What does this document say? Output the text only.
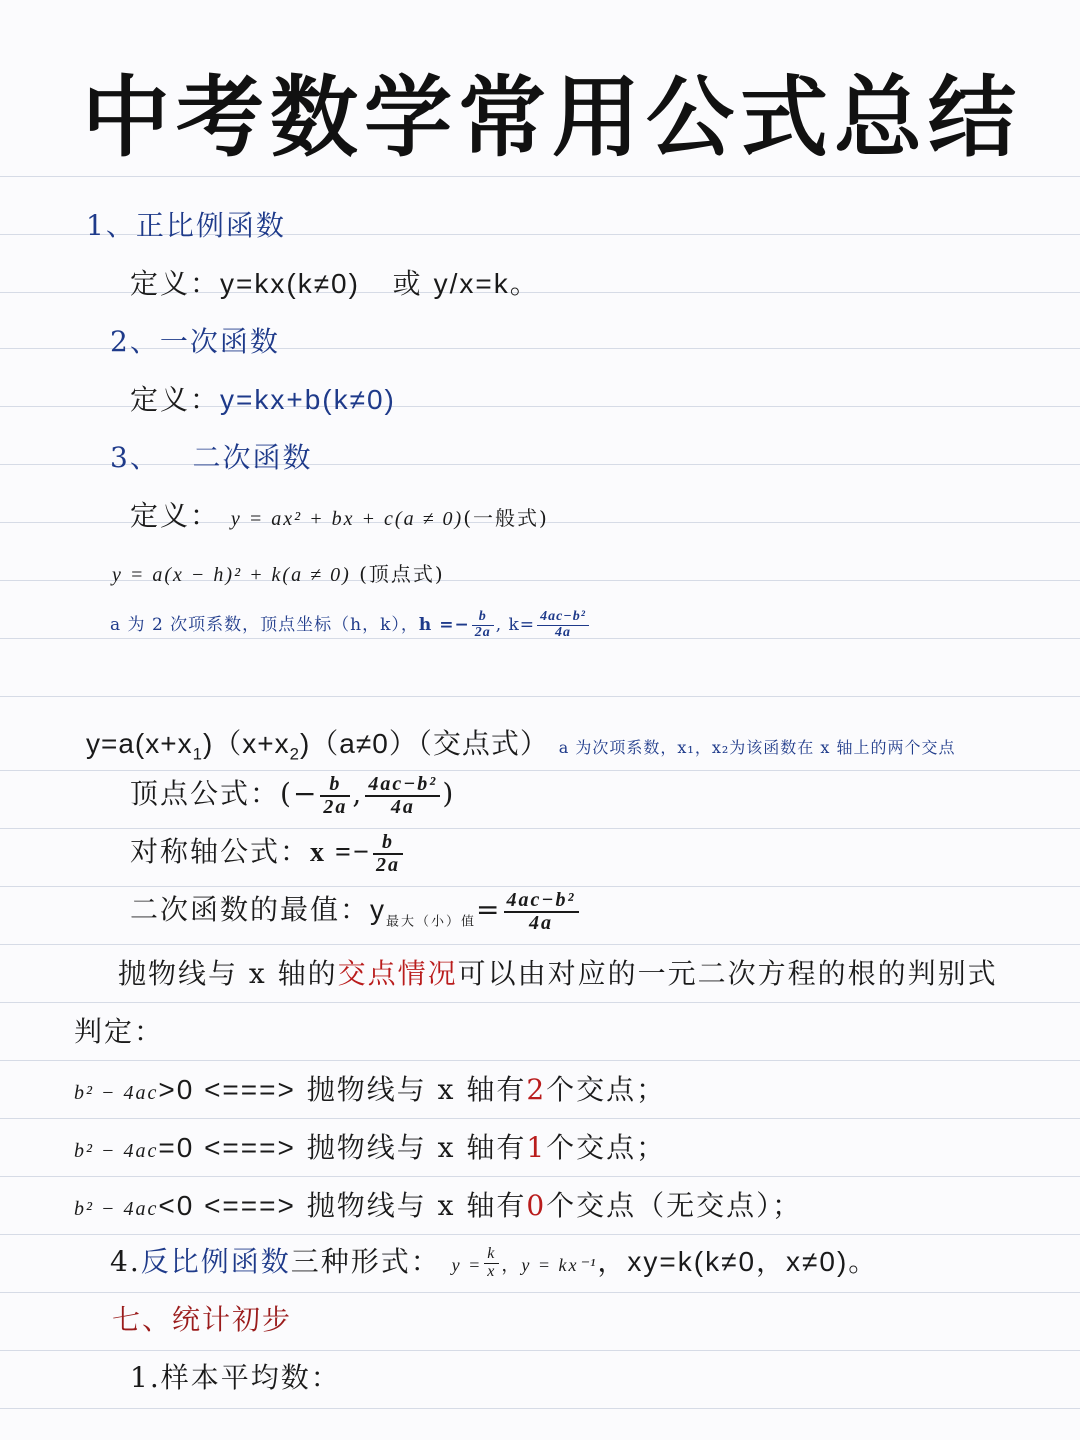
中考数学常用公式总结
1、正比例函数
定义：y=kx(k≠0) 或 y/x=k。
2、一次函数
定义：y=kx+b(k≠0)
3、 二次函数
定义： y = ax² + bx + c(a ≠ 0)(一般式)
y = a(x − h)² + k(a ≠ 0) (顶点式)
a 为 2 次项系数，顶点坐标（h，k），$h =- \frac{b}{2a}$ , $k= \frac{\text{4ac−b²}}{4a}$
$y=a(x+x_1)(x+x_2)(a\ne 0)$（交点式） a 为次项系数，x₁，x₂为该函数在 x 轴上的两个交点
顶点公式：(− $\frac{b}{2a}$ , $\frac{\text{4ac−b²}}{4a}$ )
对称轴公式：$x =- \frac{b}{2a}$
二次函数的最值：$y_{最大(小)值}= \frac{\text{4ac−b²}}{4a}$
抛物线与 x 轴的交点情况可以由对应的一元二次方程的根的判别式
判定：
b² − 4ac>0 <===> 抛物线与 x 轴有2个交点；
b² − 4ac=0 <===> 抛物线与 x 轴有1个交点；
b² − 4ac<0 <===> 抛物线与 x 轴有0个交点（无交点）；
4.反比例函数三种形式： $y = \frac{k}{x}$ ，y = kx⁻¹，xy=k(k≠0，x≠0)。
七、统计初步
1.样本平均数：
